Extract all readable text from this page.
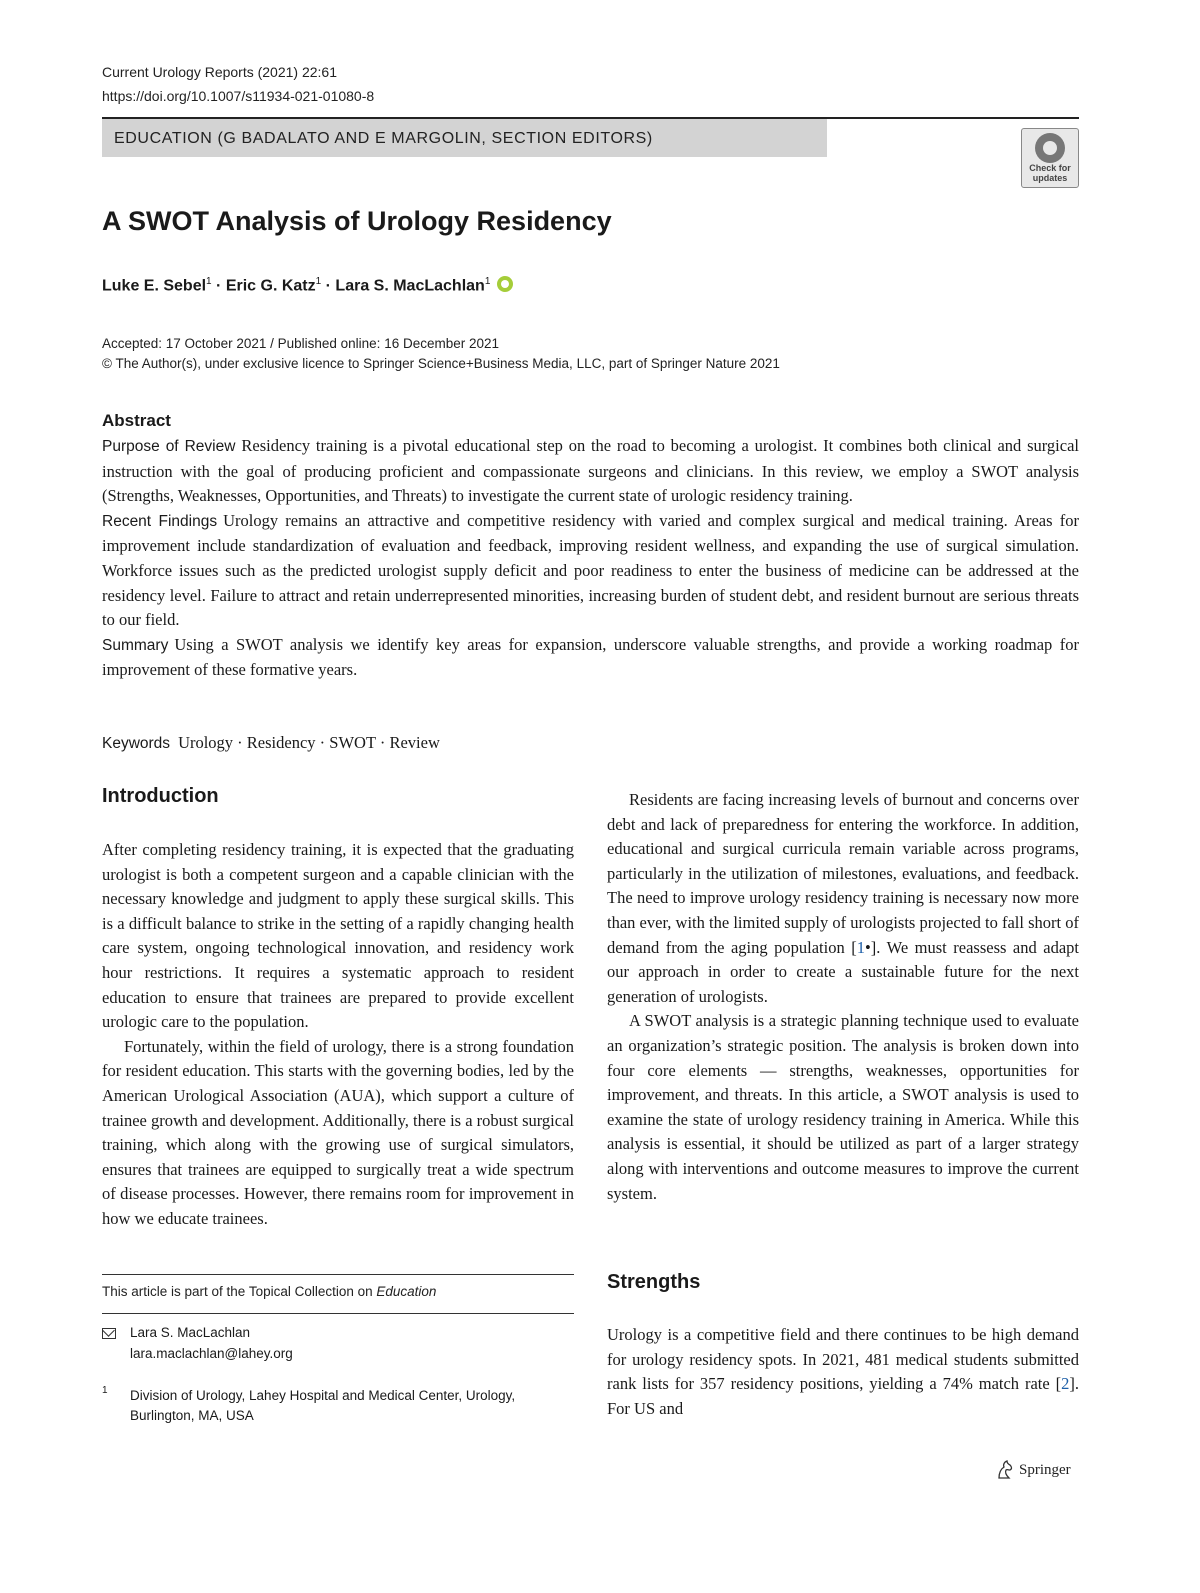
Current Urology Reports (2021) 22:61
https://doi.org/10.1007/s11934-021-01080-8
EDUCATION (G BADALATO AND E MARGOLIN, SECTION EDITORS)
Check for
updates
A SWOT Analysis of Urology Residency
Luke E. Sebel$^1$ · Eric G. Katz$^1$ · Lara S. MacLachlan$^1$
Accepted: 17 October 2021 / Published online: 16 December 2021
© The Author(s), under exclusive licence to Springer Science+Business Media, LLC, part of Springer Nature 2021
Abstract

Purpose of Review Residency training is a pivotal educational step on the road to becoming a urologist. It combines both clinical and surgical instruction with the goal of producing proficient and compassionate surgeons and clinicians. In this review, we employ a SWOT analysis (Strengths, Weaknesses, Opportunities, and Threats) to investigate the current state of urologic residency training.

Recent Findings Urology remains an attractive and competitive residency with varied and complex surgical and medical training. Areas for improvement include standardization of evaluation and feedback, improving resident wellness, and expanding the use of surgical simulation. Workforce issues such as the predicted urologist supply deficit and poor readiness to enter the business of medicine can be addressed at the residency level. Failure to attract and retain underrepresented minorities, increasing burden of student debt, and resident burnout are serious threats to our field.

Summary Using a SWOT analysis we identify key areas for expansion, underscore valuable strengths, and provide a working roadmap for improvement of these formative years.

Keywords Urology · Residency · SWOT · Review
Introduction

After completing residency training, it is expected that the graduating urologist is both a competent surgeon and a capable clinician with the necessary knowledge and judgment to apply these surgical skills. This is a difficult balance to strike in the setting of a rapidly changing health care system, ongoing technological innovation, and residency work hour restrictions. It requires a systematic approach to resident education to ensure that trainees are prepared to provide excellent urologic care to the population.

Fortunately, within the field of urology, there is a strong foundation for resident education. This starts with the governing bodies, led by the American Urological Association (AUA), which support a culture of trainee growth and development. Additionally, there is a robust surgical training, which along with the growing use of surgical simulators, ensures that trainees are equipped to surgically treat a wide spectrum of disease processes. However, there remains room for improvement in how we educate trainees.

Residents are facing increasing levels of burnout and concerns over debt and lack of preparedness for entering the workforce. In addition, educational and surgical curricula remain variable across programs, particularly in the utilization of milestones, evaluations, and feedback. The need to improve urology residency training is necessary now more than ever, with the limited supply of urologists projected to fall short of demand from the aging population [1•]. We must reassess and adapt our approach in order to create a sustainable future for the next generation of urologists.

A SWOT analysis is a strategic planning technique used to evaluate an organization’s strategic position. The analysis is broken down into four core elements — strengths, weaknesses, opportunities for improvement, and threats. In this article, a SWOT analysis is used to examine the state of urology residency training in America. While this analysis is essential, it should be utilized as part of a larger strategy along with interventions and outcome measures to improve the current system.

Strengths

Urology is a competitive field and there continues to be high demand for urology residency spots. In 2021, 481 medical students submitted rank lists for 357 residency positions, yielding a 74% match rate [2]. For US and

This article is part of the Topical Collection on Education
Lara S. MacLachlan
lara.maclachlan@lahey.org
1 Division of Urology, Lahey Hospital and Medical Center, Urology, Burlington, MA, USA
Springer
